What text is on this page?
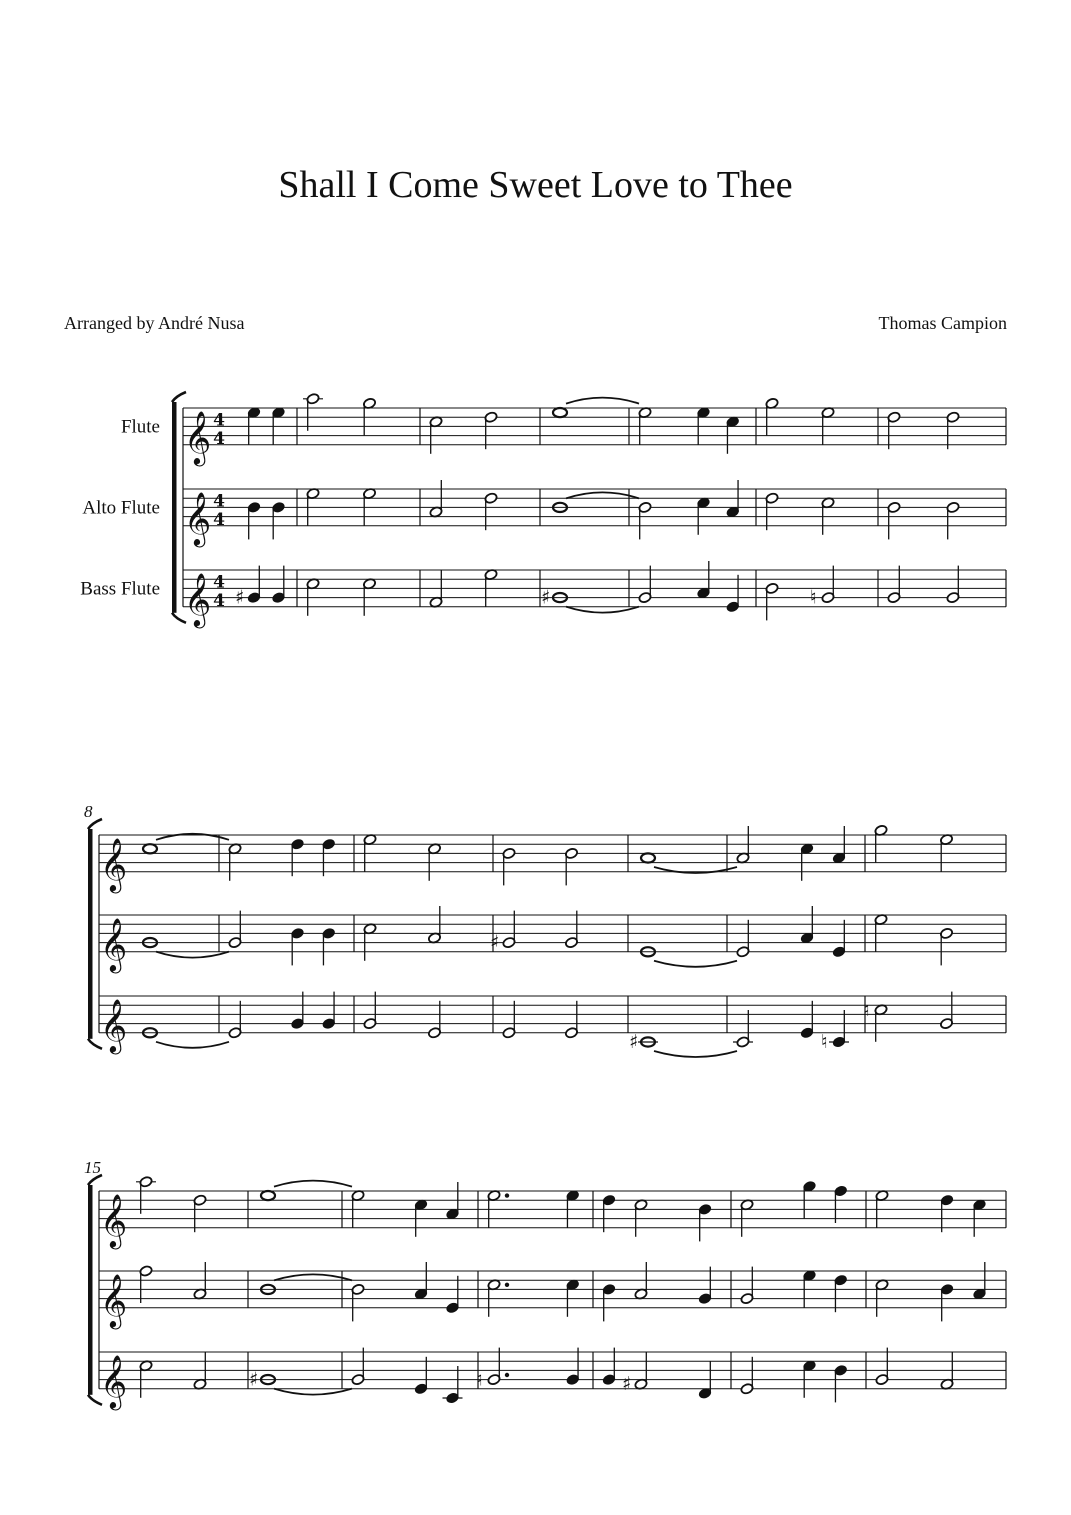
Shall I Come Sweet Love to Thee
Arranged by André Nusa	Thomas Campion
𝄞
Flute	4
4
𝄞
Alto Flute	4
4
𝄞
Bass Flute	4
4 ♯	♯	♮
8
𝄞
𝄞
𝄞
♯
♯	♮
♮
15
𝄞
𝄞
𝄞	♯	♮	♯
